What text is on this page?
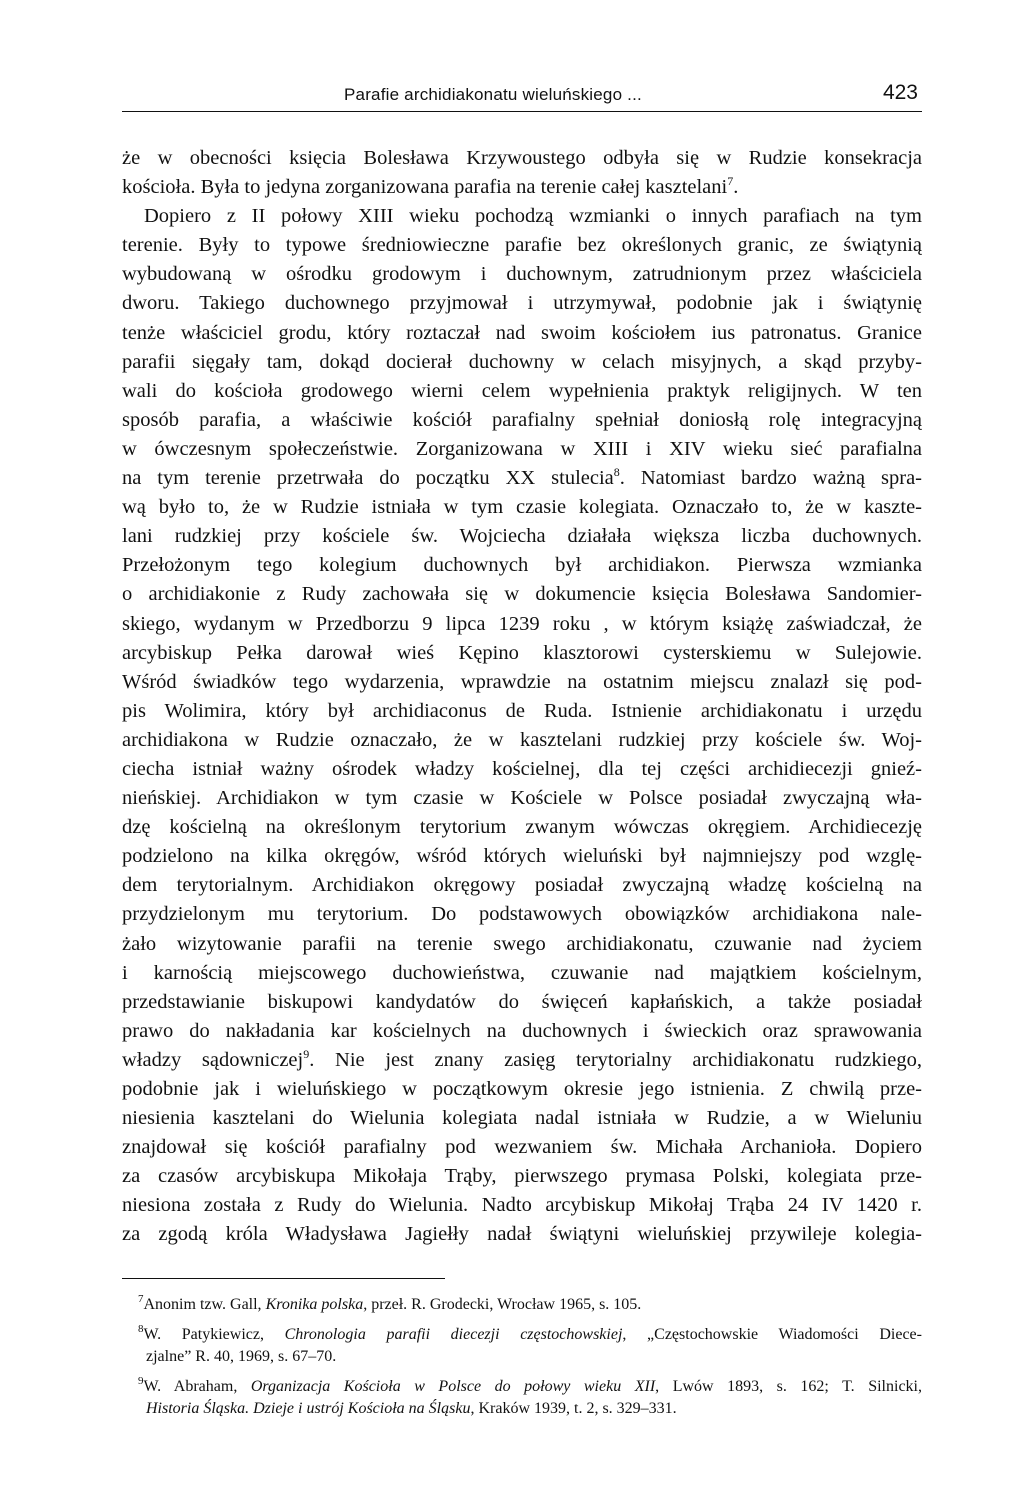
Parafie archidiakonatu wieluńskiego ...	423
że w obecności księcia Bolesława Krzywoustego odbyła się w Rudzie konsekracja
kościoła. Była to jedyna zorganizowana parafia na terenie całej kasztelani$^7$.
Dopiero z II połowy XIII wieku pochodzą wzmianki o innych parafiach na tym
terenie. Były to typowe średniowieczne parafie bez określonych granic, ze świątynią
wybudowaną w ośrodku grodowym i duchownym, zatrudnionym przez właściciela
dworu. Takiego duchownego przyjmował i utrzymywał, podobnie jak i świątynię
tenże właściciel grodu, który roztaczał nad swoim kościołem ius patronatus. Granice
parafii sięgały tam, dokąd docierał duchowny w celach misyjnych, a skąd przyby-
wali do kościoła grodowego wierni celem wypełnienia praktyk religijnych. W ten
sposób parafia, a właściwie kościół parafialny spełniał doniosłą rolę integracyjną
w ówczesnym społeczeństwie. Zorganizowana w XIII i XIV wieku sieć parafialna
na tym terenie przetrwała do początku XX stulecia$^8$. Natomiast bardzo ważną spra-
wą było to, że w Rudzie istniała w tym czasie kolegiata. Oznaczało to, że w kaszte-
lani rudzkiej przy kościele św. Wojciecha działała większa liczba duchownych.
Przełożonym tego kolegium duchownych był archidiakon. Pierwsza wzmianka
o archidiakonie z Rudy zachowała się w dokumencie księcia Bolesława Sandomier-
skiego, wydanym w Przedborzu 9 lipca 1239 roku , w którym książę zaświadczał, że
arcybiskup Pełka darował wieś Kępino klasztorowi cysterskiemu w Sulejowie.
Wśród świadków tego wydarzenia, wprawdzie na ostatnim miejscu znalazł się pod-
pis Wolimira, który był archidiaconus de Ruda. Istnienie archidiakonatu i urzędu
archidiakona w Rudzie oznaczało, że w kasztelani rudzkiej przy kościele św. Woj-
ciecha istniał ważny ośrodek władzy kościelnej, dla tej części archidiecezji gnieź-
nieńskiej. Archidiakon w tym czasie w Kościele w Polsce posiadał zwyczajną wła-
dzę kościelną na określonym terytorium zwanym wówczas okręgiem. Archidiecezję
podzielono na kilka okręgów, wśród których wieluński był najmniejszy pod wzglę-
dem terytorialnym. Archidiakon okręgowy posiadał zwyczajną władzę kościelną na
przydzielonym mu terytorium. Do podstawowych obowiązków archidiakona nale-
żało wizytowanie parafii na terenie swego archidiakonatu, czuwanie nad życiem
i karnością miejscowego duchowieństwa, czuwanie nad majątkiem kościelnym,
przedstawianie biskupowi kandydatów do święceń kapłańskich, a także posiadał
prawo do nakładania kar kościelnych na duchownych i świeckich oraz sprawowania
władzy sądowniczej$^9$. Nie jest znany zasięg terytorialny archidiakonatu rudzkiego,
podobnie jak i wieluńskiego w początkowym okresie jego istnienia. Z chwilą prze-
niesienia kasztelani do Wielunia kolegiata nadal istniała w Rudzie, a w Wieluniu
znajdował się kościół parafialny pod wezwaniem św. Michała Archanioła. Dopiero
za czasów arcybiskupa Mikołaja Trąby, pierwszego prymasa Polski, kolegiata prze-
niesiona została z Rudy do Wielunia. Nadto arcybiskup Mikołaj Trąba 24 IV 1420 r.
za zgodą króla Władysława Jagiełły nadał świątyni wieluńskiej przywileje kolegia-
$^7$Anonim tzw. Gall, Kronika polska, przeł. R. Grodecki, Wrocław 1965, s. 105.
$^8$W. Patykiewicz, Chronologia parafii diecezji częstochowskiej, „Częstochowskie Wiadomości Diece-
zjalne” R. 40, 1969, s. 67–70.
$^9$W. Abraham, Organizacja Kościoła w Polsce do połowy wieku XII, Lwów 1893, s. 162; T. Silnicki,
Historia Śląska. Dzieje i ustrój Kościoła na Śląsku, Kraków 1939, t. 2, s. 329–331.
